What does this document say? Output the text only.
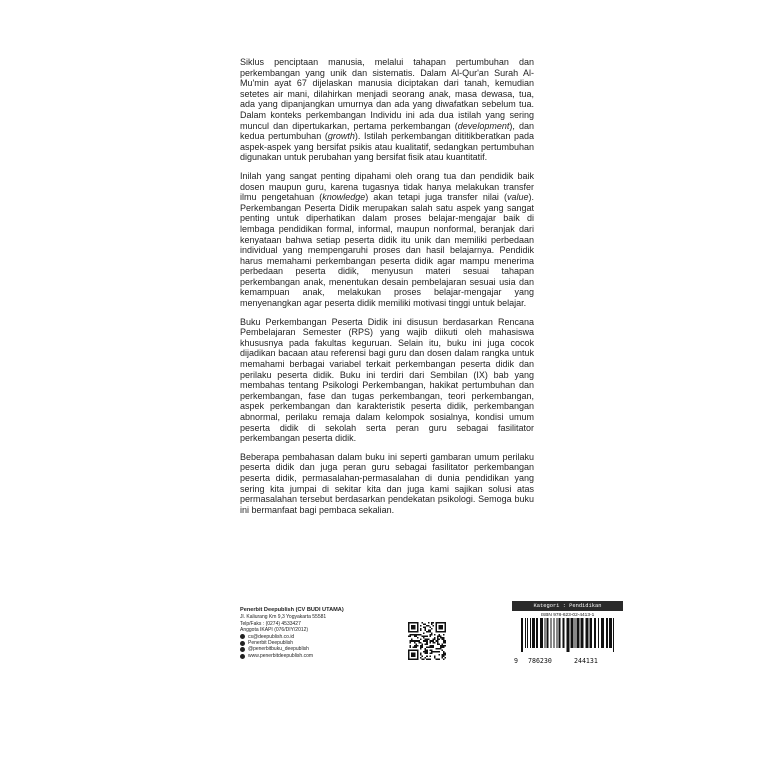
Siklus penciptaan manusia, melalui tahapan pertumbuhan dan perkembangan yang unik dan sistematis. Dalam Al-Qur'an Surah Al-Mu'min ayat 67 dijelaskan manusia diciptakan dari tanah, kemudian setetes air mani, dilahirkan menjadi seorang anak, masa dewasa, tua, ada yang dipanjangkan umurnya dan ada yang diwafatkan sebelum tua. Dalam konteks perkembangan Individu ini ada dua istilah yang sering muncul dan dipertukarkan, pertama perkembangan (development), dan kedua pertumbuhan (growth). Istilah perkembangan dititikberatkan pada aspek-aspek yang bersifat psikis atau kualitatif, sedangkan pertumbuhan digunakan untuk perubahan yang bersifat fisik atau kuantitatif.

Inilah yang sangat penting dipahami oleh orang tua dan pendidik baik dosen maupun guru, karena tugasnya tidak hanya melakukan transfer ilmu pengetahuan (knowledge) akan tetapi juga transfer nilai (value). Perkembangan Peserta Didik merupakan salah satu aspek yang sangat penting untuk diperhatikan dalam proses belajar-mengajar baik di lembaga pendidikan formal, informal, maupun nonformal, beranjak dari kenyataan bahwa setiap peserta didik itu unik dan memiliki perbedaan individual yang mempengaruhi proses dan hasil belajarnya. Pendidik harus memahami perkembangan peserta didik agar mampu menerima perbedaan peserta didik, menyusun materi sesuai tahapan perkembangan anak, menentukan desain pembelajaran sesuai usia dan kemampuan anak, melakukan proses belajar-mengajar yang menyenangkan agar peserta didik memiliki motivasi tinggi untuk belajar.

Buku Perkembangan Peserta Didik ini disusun berdasarkan Rencana Pembelajaran Semester (RPS) yang wajib diikuti oleh mahasiswa khususnya pada fakultas keguruan. Selain itu, buku ini juga cocok dijadikan bacaan atau referensi bagi guru dan dosen dalam rangka untuk memahami berbagai variabel terkait perkembangan peserta didik dan perilaku peserta didik. Buku ini terdiri dari Sembilan (IX) bab yang membahas tentang Psikologi Perkembangan, hakikat pertumbuhan dan perkembangan, fase dan tugas perkembangan, teori perkembangan, aspek perkembangan dan karakteristik peserta didik, perkembangan abnormal, perilaku remaja dalam kelompok sosialnya, kondisi umum peserta didik di sekolah serta peran guru sebagai fasilitator perkembangan peserta didik.

Beberapa pembahasan dalam buku ini seperti gambaran umum perilaku peserta didik dan juga peran guru sebagai fasilitator perkembangan peserta didik, permasalahan-permasalahan di dunia pendidikan yang sering kita jumpai di sekitar kita dan juga kami sajikan solusi atas permasalahan tersebut berdasarkan pendekatan psikologi. Semoga buku ini bermanfaat bagi pembaca sekalian.

Penerbit Deepublish (CV BUDI UTAMA)
Jl. Kaliurang Km 9,3 Yogyakarta 55581
Telp/Faks : (0274) 4533427
Anggota IKAPI (076/DIY/2012)
cs@deepublish.co.id
Penerbit Deepublish
@penerbitbuku_deepublish
www.penerbitdeepublish.com
Kategori : Pendidikan
ISBN 978-623-02-4413-1
9 786230	244131
